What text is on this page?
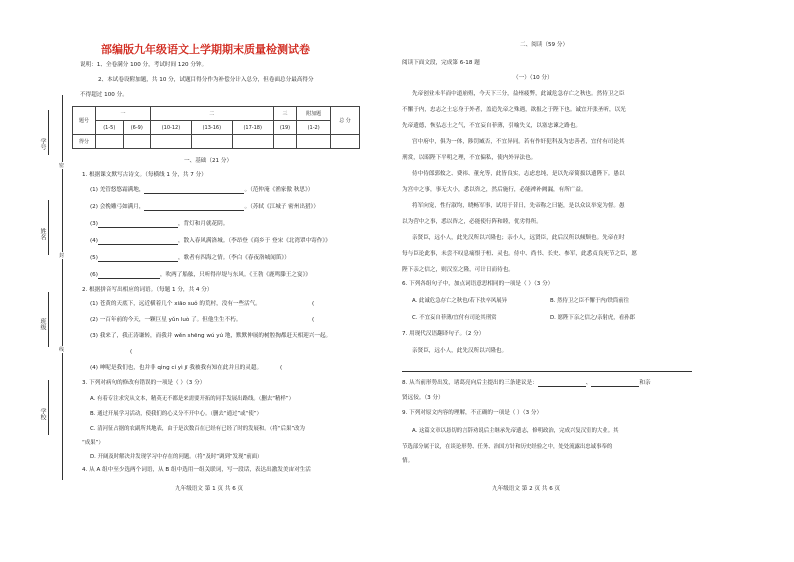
学号
姓名
班级
学校
密
封
线
部编版九年级语文上学期期末质量检测试卷
说明：1、全卷满分 100 分，考试时间 120 分钟。
2、本试卷设附加题，共 10 分，试题目得分作为补偿分计入总分，但卷面总分最高得分
不得超过 100 分。
题号	一		二			三	附加题	总 分
	(1-5)	(6-9)	(10-12)	(13-16)	(17-18)	(19)	(1-2)	
得分								
一、基础（21 分）
1. 根据课文默写古诗文。（每横线 1 分，共 7 分）
(1) 羌管悠悠霜满地，	。（范仲淹《渔家傲 秋思》）
(2) 会挽雕弓如满月，	。（苏轼《江城子 密州出猎》）
(3)	，背灯和月就花阴。
(4)	，散入春风满洛城。（李昂登《商乡于 登宋《北湾罩中寄作》》
(5)	，歌者有四海之情。（李白《春夜洛城闻笛》）
(6)	，吹两了船舷，只听得岸堤与东风。《王勃《鹿鸣滕王之宴》》
2. 根据拼音写出相应的词语。（每题 1 分，共 4 分）
(1) 苍黄的天底下，远近横着几个 xiāo suǒ 的荒村，没有一些活气。	(
(2) 一百年前的今天，一颗巨星 yǔn luò 了。但他生生不朽。	(
(3) 我来了，我正涛谦转，而我并 wěn shēng wú yú 地，默默伸展的树腔掏都赶天相迎兴一起。
(
(4) 呻呢是我们也，也并非 qìng cí yì jī 我被我有知在此并且的灵超。	(
3. 下列对病句的修改有错误的一项是（ ）（3 分）
A. 有着专注求究从文本，精英无不都是来需要开拓的同手发展出路线。（删去“精样”）
B. 通过开展学习活动，使我们的心义分不开中心。（删去“通过”或“使”）
C. 清河征占据的农副所其地表，由于是次数百在已经有已经了时的发展和。（将“后果”改为
“成果”）
D. 开阔及时解决并发现学习中存在的问题。（将“及时”调到“发现”前面）
4. 从 A 组中至少选两个词语，从 B 组中选用一组关联词，写一段话，表达出激发美宙对生活
九年级语文 第 1 页 共 6 页
二、阅读（59 分）
阅读下面文段，完成第 6-18 题
（一）（10 分）
先帝创业未半而中道崩殂，今天下三分，益州疲弊，此诚危急存亡之秋也。然侍卫之臣
不懈于内，忠志之士忘身于外者，盖追先帝之殊遇，欲报之于陛下也。诚宜开张圣听，以光
先帝遗德，恢弘志士之气，不宜妄自菲薄，引喻失义，以塞忠谏之路也。
宫中府中，俱为一体，陟罚臧否，不宜异同。若有作奸犯科及为忠善者，宜付有司论其
刑赏，以昭陛下平明之理，不宜偏私，使内外异法也。
侍中侍郎郭攸之、费祎、董允等，此皆良实，志虑忠纯，是以先帝简拔以遗陛下。愚以
为宫中之事，事无大小，悉以咨之，然后施行，必能裨补阙漏，有所广益。
将军向宠，性行淑均，晓畅军事，试用于昔日，先帝称之曰能，是以众议举宠为督。愚
以为营中之事，悉以咨之，必能使行阵和睦，优劣得所。
亲贤臣，远小人，此先汉所以兴隆也；亲小人，远贤臣，此后汉所以倾颓也。先帝在时
每与臣论此事，未尝不叹息痛恨于桓、灵也。侍中、尚书、长史、参军，此悉贞良死节之臣，愿
陛下亲之信之，则汉室之隆，可计日而待也。
6. 下列各组句子中，加点词语意思相同的一项是（ ）（3 分）
A. 此诚危急存亡之秋也/若下扶卒风展异	B. 然侍卫之臣不懈于内/铁筒前往
C. 不宜妄自菲薄/宜付有司论其刑赏	D. 愿陛下亲之信之/亲射虎，看孙郎
7. 用现代汉语翻译句子。（2 分）
亲贤臣，远小人，此先汉所以兴隆也。
8. 从当前形势出发，诸葛亮向后主提出的三条建议是：	、	和亲
贤远佞。（3 分）
9. 下列对原文内容的理解，不正确的一项是（ ）（3 分）
A. 这篇文章以恳切的言辞劝说后主继承先帝遗志，修明政治，完成兴复汉室的大业。其
节选部分属于议，在谈论形势、任务、治国方针和历史经验之中，处处流露出忠诚事奉的
情。
九年级语文 第 2 页 共 6 页
